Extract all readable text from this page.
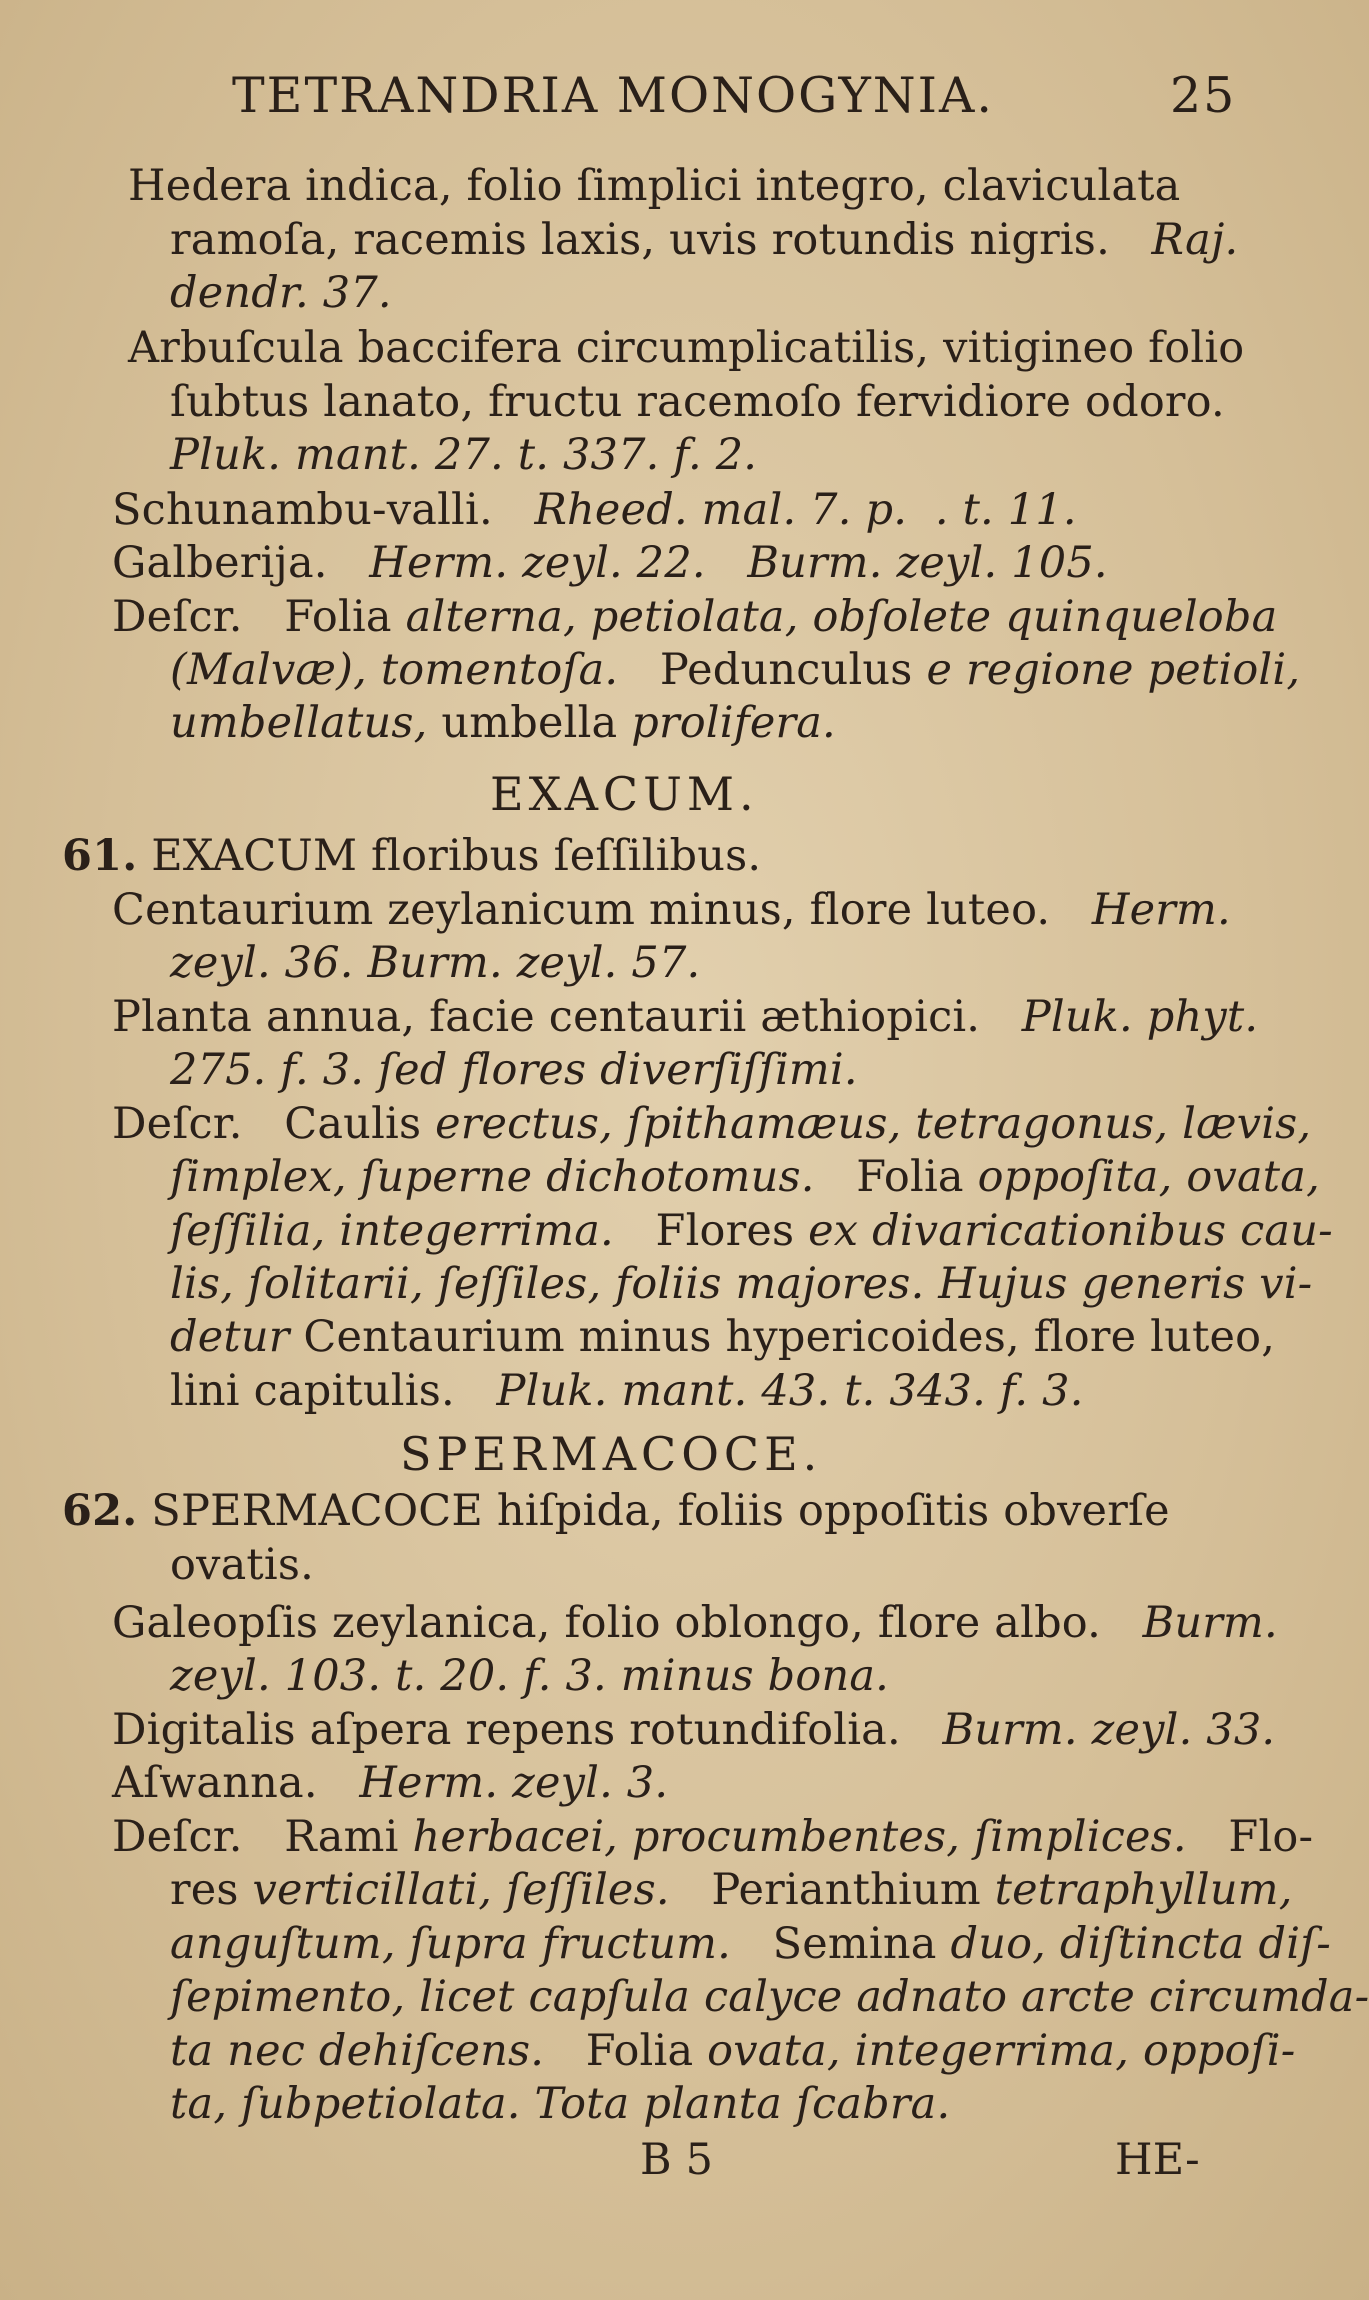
TETRANDRIA MONOGYNIA.	25
Hedera indica, folio ſimplici integro, claviculata
ramoſa, racemis laxis, uvis rotundis nigris. Raj.
dendr. 37.
Arbuſcula baccifera circumplicatilis, vitigineo folio
ſubtus lanato, fructu racemoſo fervidiore odoro.
Pluk. mant. 27. t. 337. f. 2.
Schunambu-valli. Rheed. mal. 7. p. . t. 11.
Galberija. Herm. zeyl. 22. Burm. zeyl. 105.
Deſcr. Folia alterna, petiolata, obſolete quinqueloba
(Malvæ), tomentoſa. Pedunculus e regione petioli,
umbellatus, umbella prolifera.
EXACUM.
61. EXACUM floribus ſeſſilibus.
Centaurium zeylanicum minus, flore luteo. Herm.
zeyl. 36. Burm. zeyl. 57.
Planta annua, facie centaurii æthiopici. Pluk. phyt.
275. f. 3. ſed flores diverſiſſimi.
Deſcr. Caulis erectus, ſpithamæus, tetragonus, lævis,
ſimplex, ſuperne dichotomus. Folia oppoſita, ovata,
ſeſſilia, integerrima. Flores ex divaricationibus cau-
lis, ſolitarii, ſeſſiles, foliis majores. Hujus generis vi-
detur Centaurium minus hypericoides, flore luteo,
lini capitulis. Pluk. mant. 43. t. 343. f. 3.
SPERMACOCE.
62. SPERMACOCE hiſpida, foliis oppoſitis obverſe
ovatis.
Galeopſis zeylanica, folio oblongo, flore albo. Burm.
zeyl. 103. t. 20. f. 3. minus bona.
Digitalis aſpera repens rotundifolia. Burm. zeyl. 33.
Aſwanna. Herm. zeyl. 3.
Deſcr. Rami herbacei, procumbentes, ſimplices. Flo-
res verticillati, ſeſſiles. Perianthium tetraphyllum,
anguſtum, ſupra fructum. Semina duo, diſtincta diſ-
ſepimento, licet capſula calyce adnato arcte circumda-
ta nec dehiſcens. Folia ovata, integerrima, oppoſi-
ta, ſubpetiolata. Tota planta ſcabra.
B 5	HE-
